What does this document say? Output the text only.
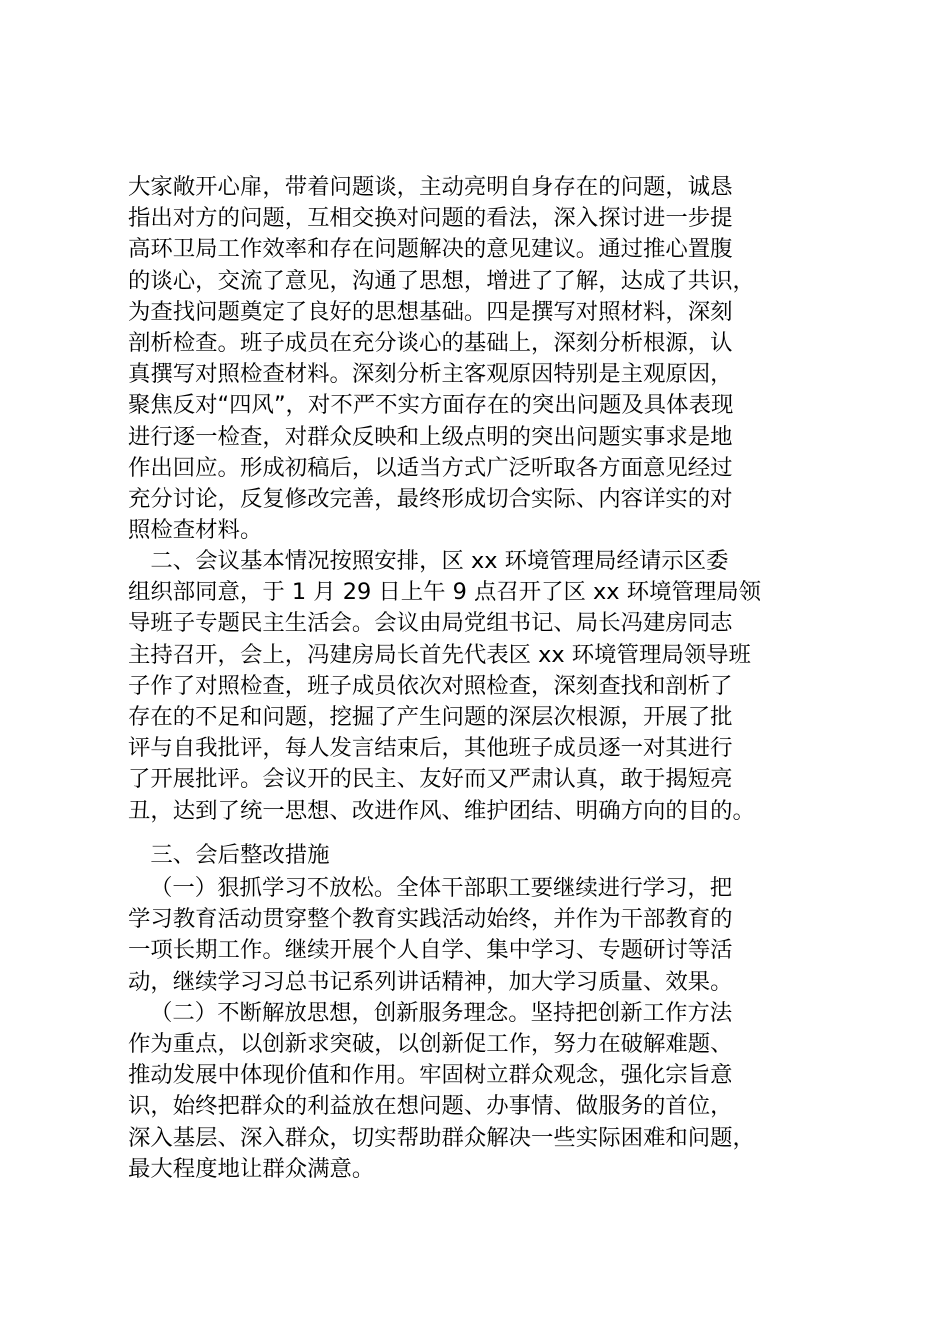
大家敞开心扉，带着问题谈，主动亮明自身存在的问题，诚恳
指出对方的问题，互相交换对问题的看法，深入探讨进一步提
高环卫局工作效率和存在问题解决的意见建议。通过推心置腹
的谈心，交流了意见，沟通了思想，增进了了解，达成了共识，
为查找问题奠定了良好的思想基础。四是撰写对照材料，深刻
剖析检查。班子成员在充分谈心的基础上，深刻分析根源，认
真撰写对照检查材料。深刻分析主客观原因特别是主观原因，
聚焦反对“四风”，对不严不实方面存在的突出问题及具体表现
进行逐一检查，对群众反映和上级点明的突出问题实事求是地
作出回应。形成初稿后，以适当方式广泛听取各方面意见经过
充分讨论，反复修改完善，最终形成切合实际、内容详实的对
照检查材料。
　二、会议基本情况按照安排，区 xx 环境管理局经请示区委
组织部同意，于 1 月 29 日上午 9 点召开了区 xx 环境管理局领
导班子专题民主生活会。会议由局党组书记、局长冯建房同志
主持召开，会上，冯建房局长首先代表区 xx 环境管理局领导班
子作了对照检查，班子成员依次对照检查，深刻查找和剖析了
存在的不足和问题，挖掘了产生问题的深层次根源，开展了批
评与自我批评，每人发言结束后，其他班子成员逐一对其进行
了开展批评。会议开的民主、友好而又严肃认真，敢于揭短亮
丑，达到了统一思想、改进作风、维护团结、明确方向的目的。
　三、会后整改措施
（一）狠抓学习不放松。全体干部职工要继续进行学习，把
学习教育活动贯穿整个教育实践活动始终，并作为干部教育的
一项长期工作。继续开展个人自学、集中学习、专题研讨等活
动，继续学习习总书记系列讲话精神，加大学习质量、效果。
（二）不断解放思想，创新服务理念。坚持把创新工作方法
作为重点，以创新求突破，以创新促工作，努力在破解难题、
推动发展中体现价值和作用。牢固树立群众观念，强化宗旨意
识，始终把群众的利益放在想问题、办事情、做服务的首位，
深入基层、深入群众，切实帮助群众解决一些实际困难和问题，
最大程度地让群众满意。
